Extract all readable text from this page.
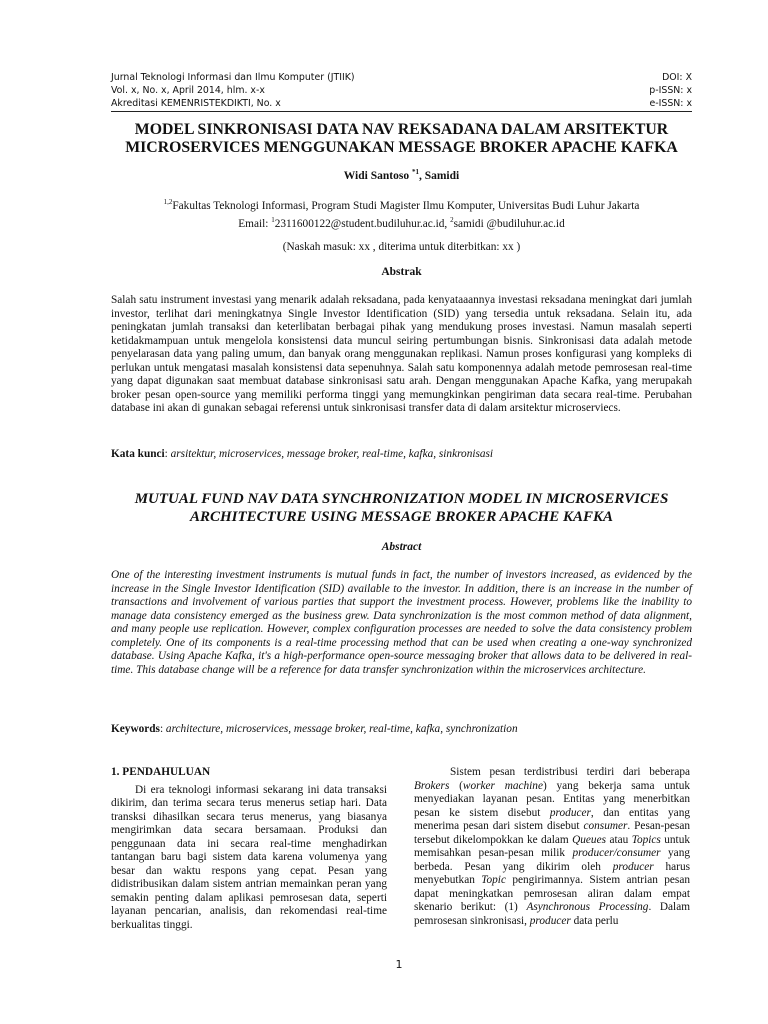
Jurnal Teknologi Informasi dan Ilmu Komputer (JTIIK)	DOI: X
Vol. x, No. x, April 2014, hlm. x-x	p-ISSN: x
Akreditasi KEMENRISTEKDIKTI, No. x	e-ISSN: x
MODEL SINKRONISASI DATA NAV REKSADANA DALAM ARSITEKTUR
MICROSERVICES MENGGUNAKAN MESSAGE BROKER APACHE KAFKA
Widi Santoso $^{*1}$, Samidi
$^{1,2}$Fakultas Teknologi Informasi, Program Studi Magister Ilmu Komputer, Universitas Budi Luhur Jakarta
Email: $^1$2311600122@student.budiluhur.ac.id, $^2$samidi @budiluhur.ac.id
(Naskah masuk: xx , diterima untuk diterbitkan: xx )
Abstrak
Salah satu instrument investasi yang menarik adalah reksadana, pada kenyataaannya investasi reksadana meningkat dari jumlah investor, terlihat dari meningkatnya Single Investor Identification (SID) yang tersedia untuk reksadana. Selain itu, ada peningkatan jumlah transaksi dan keterlibatan berbagai pihak yang mendukung proses investasi. Namun masalah seperti ketidakmampuan untuk mengelola konsistensi data muncul seiring pertumbungan bisnis. Sinkronisasi data adalah metode penyelarasan data yang paling umum, dan banyak orang menggunakan replikasi. Namun proses konfigurasi yang kompleks di perlukan untuk mengatasi masalah konsistensi data sepenuhnya. Salah satu komponennya adalah metode pemrosesan real-time yang dapat digunakan saat membuat database sinkronisasi satu arah. Dengan menggunakan Apache Kafka, yang merupakah broker pesan open-source yang memiliki performa tinggi yang memungkinkan pengiriman data secara real-time. Perubahan database ini akan di gunakan sebagai referensi untuk sinkronisasi transfer data di dalam arsitektur microserviecs.
Kata kunci: arsitektur, microservices, message broker, real-time, kafka, sinkronisasi
MUTUAL FUND NAV DATA SYNCHRONIZATION MODEL IN MICROSERVICES
ARCHITECTURE USING MESSAGE BROKER APACHE KAFKA
Abstract
One of the interesting investment instruments is mutual funds in fact, the number of investors increased, as evidenced by the increase in the Single Investor Identification (SID) available to the investor. In addition, there is an increase in the number of transactions and involvement of various parties that support the investment process. However, problems like the inability to manage data consistency emerged as the business grew. Data synchronization is the most common method of data alignment, and many people use replication. However, complex configuration processes are needed to solve the data consistency problem completely. One of its components is a real-time processing method that can be used when creating a one-way synchronized database. Using Apache Kafka, it's a high-performance open-source messaging broker that allows data to be delivered in real-time. This database change will be a reference for data transfer synchronization within the microservices architecture.
Keywords: architecture, microservices, message broker, real-time, kafka, synchronization
1. PENDAHULUAN

Di era teknologi informasi sekarang ini data transaksi dikirim, dan terima secara terus menerus setiap hari. Data transksi dihasilkan secara terus menerus, yang biasanya mengirimkan data secara bersamaan. Produksi dan penggunaan data ini secara real-time menghadirkan tantangan baru bagi sistem data karena volumenya yang besar dan waktu respons yang cepat. Pesan yang didistribusikan dalam sistem antrian memainkan peran yang semakin penting dalam aplikasi pemrosesan data, seperti layanan pencarian, analisis, dan rekomendasi real-time berkualitas tinggi.

Sistem pesan terdistribusi terdiri dari beberapa Brokers (worker machine) yang bekerja sama untuk menyediakan layanan pesan. Entitas yang menerbitkan pesan ke sistem disebut producer, dan entitas yang menerima pesan dari sistem disebut consumer. Pesan-pesan tersebut dikelompokkan ke dalam Queues atau Topics untuk memisahkan pesan-pesan milik producer/consumer yang berbeda. Pesan yang dikirim oleh producer harus menyebutkan Topic pengirimannya. Sistem antrian pesan dapat meningkatkan pemrosesan aliran dalam empat skenario berikut: (1) Asynchronous Processing. Dalam pemrosesan sinkronisasi, producer data perlu

1
